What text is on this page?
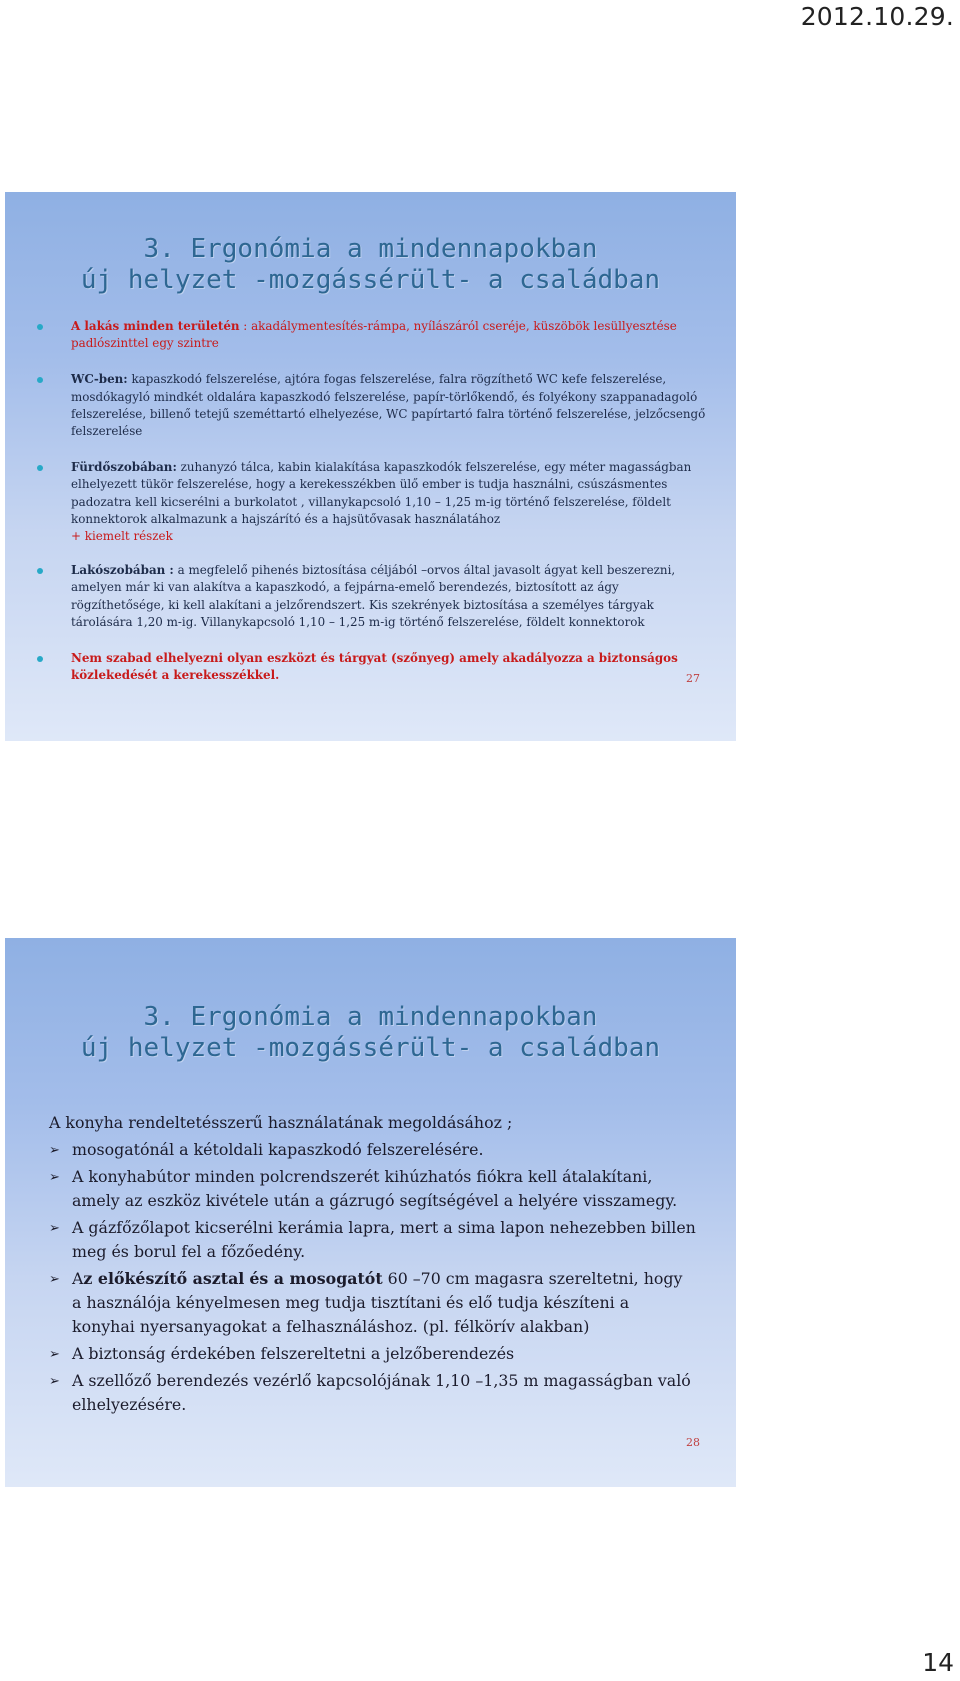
2012.10.29.
3. Ergonómia a mindennapokban
új helyzet -mozgássérült- a családban
A lakás minden területén : akadálymentesítés-rámpa, nyílászáról cseréje, küszöbök lesüllyesztése padlószinttel egy szintre
WC-ben: kapaszkodó felszerelése, ajtóra fogas felszerelése, falra rögzíthető WC kefe felszerelése, mosdókagyló mindkét oldalára kapaszkodó felszerelése, papír-törlőkendő, és folyékony szappanadagoló felszerelése, billenő tetejű szeméttartó elhelyezése, WC papírtartó falra történő felszerelése, jelzőcsengő felszerelése
Fürdőszobában: zuhanyzó tálca, kabin kialakítása kapaszkodók felszerelése, egy méter magasságban elhelyezett tükör felszerelése, hogy a kerekesszékben ülő ember is tudja használni, csúszásmentes padozatra kell kicserélni a burkolatot , villanykapcsoló 1,10 – 1,25 m-ig történő felszerelése, földelt konnektorok alkalmazunk a hajszárító és a hajsütővasak használatához
+ kiemelt részek
Lakószobában : a megfelelő pihenés biztosítása céljából –orvos által javasolt ágyat kell beszerezni, amelyen már ki van alakítva a kapaszkodó, a fejpárna-emelő berendezés, biztosított az ágy rögzíthetősége, ki kell alakítani a jelzőrendszert. Kis szekrények biztosítása a személyes tárgyak tárolására 1,20 m-ig. Villanykapcsoló 1,10 – 1,25 m-ig történő felszerelése, földelt konnektorok
Nem szabad elhelyezni olyan eszközt és tárgyat (szőnyeg) amely akadályozza a biztonságos közlekedését a kerekesszékkel.	27
3. Ergonómia a mindennapokban
új helyzet -mozgássérült- a családban
A konyha rendeltetésszerű használatának megoldásához ;
➢ mosogatónál a kétoldali kapaszkodó felszerelésére.
➢ A konyhabútor minden polcrendszerét kihúzhatós fiókra kell átalakítani, amely az eszköz kivétele után a gázrugó segítségével a helyére visszamegy.
➢ A gázfőzőlapot kicserélni kerámia lapra, mert a sima lapon nehezebben billen meg és borul fel a főzőedény.
➢ Az előkészítő asztal és a mosogatót 60 –70 cm magasra szereltetni, hogy a használója kényelmesen meg tudja tisztítani és elő tudja készíteni a konyhai nyersanyagokat a felhasználáshoz. (pl. félkörív alakban)
➢ A biztonság érdekében felszereltetni a jelzőberendezés
➢ A szellőző berendezés vezérlő kapcsolójának 1,10 –1,35 m magasságban való elhelyezésére.
28
14
